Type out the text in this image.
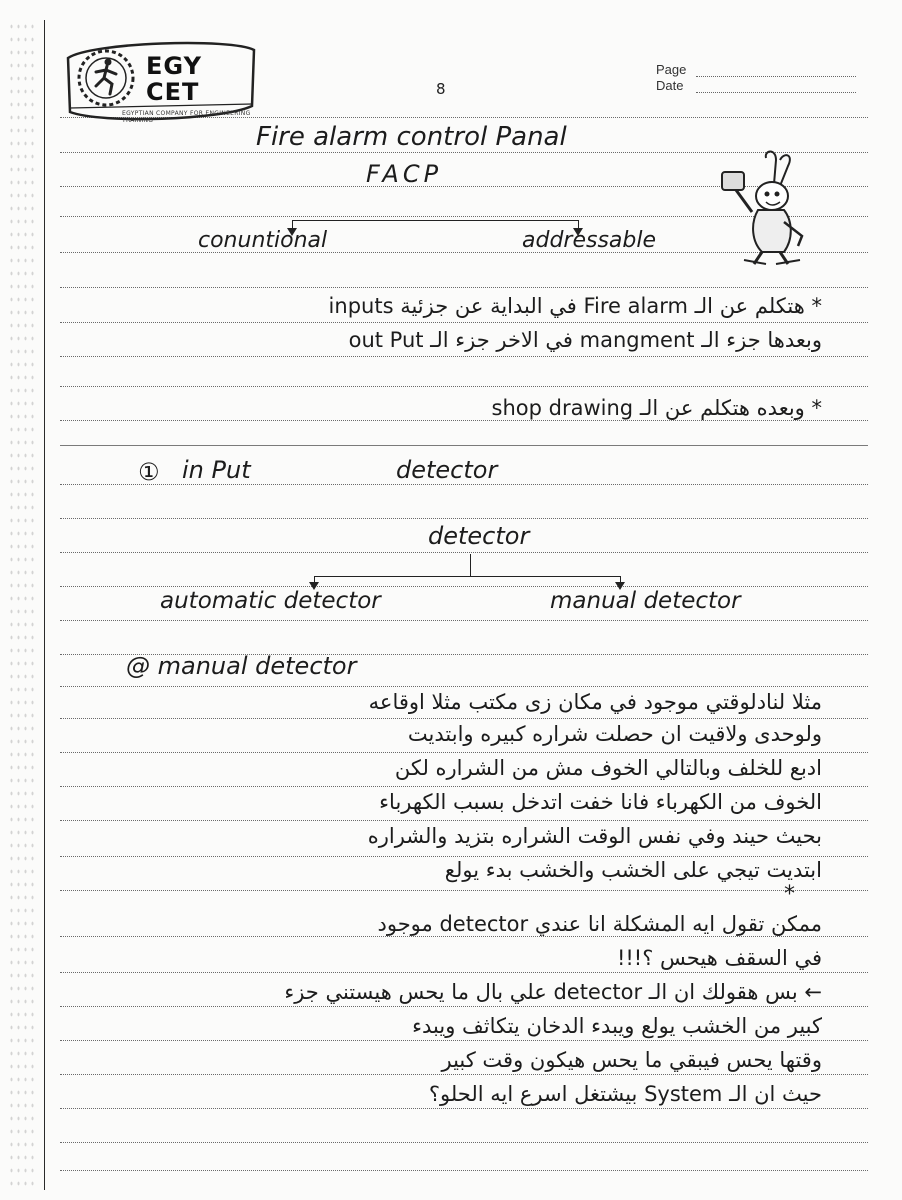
EGY
CET
EGYPTIAN COMPANY FOR ENGINEERING TRAINING
8
Page
Date
Fire alarm control Panal
FACP
conuntional	addressable
* هتكلم عن الـ Fire alarm في البداية عن جزئية inputs
وبعدها جزء الـ mangment في الاخر جزء الـ out Put
* وبعده هتكلم عن الـ shop drawing
① in Put	detector
detector
automatic detector	manual detector
@ manual detector
مثلا لنادلوقتي موجود في مكان زى مكتب مثلا اوقاعه
ولوحدى ولاقيت ان حصلت شراره كبيره وابتديت
ادبع للخلف وبالتالي الخوف مش من الشراره لكن
الخوف من الكهرباء فانا خفت اتدخل بسبب الكهرباء
بحيث حيند وفي نفس الوقت الشراره بتزيد والشراره
ابتديت تيجي على الخشب والخشب بدء يولع
*
ممكن تقول ايه المشكلة انا عندي detector موجود
في السقف هيحس ؟!!!
← بس هقولك ان الـ detector علي بال ما يحس هيستني جزء
كبير من الخشب يولع ويبدء الدخان يتكاثف ويبدء
وقتها يحس فيبقي ما يحس هيكون وقت كبير
حيث ان الـ System بيشتغل اسرع ايه الحلو؟
